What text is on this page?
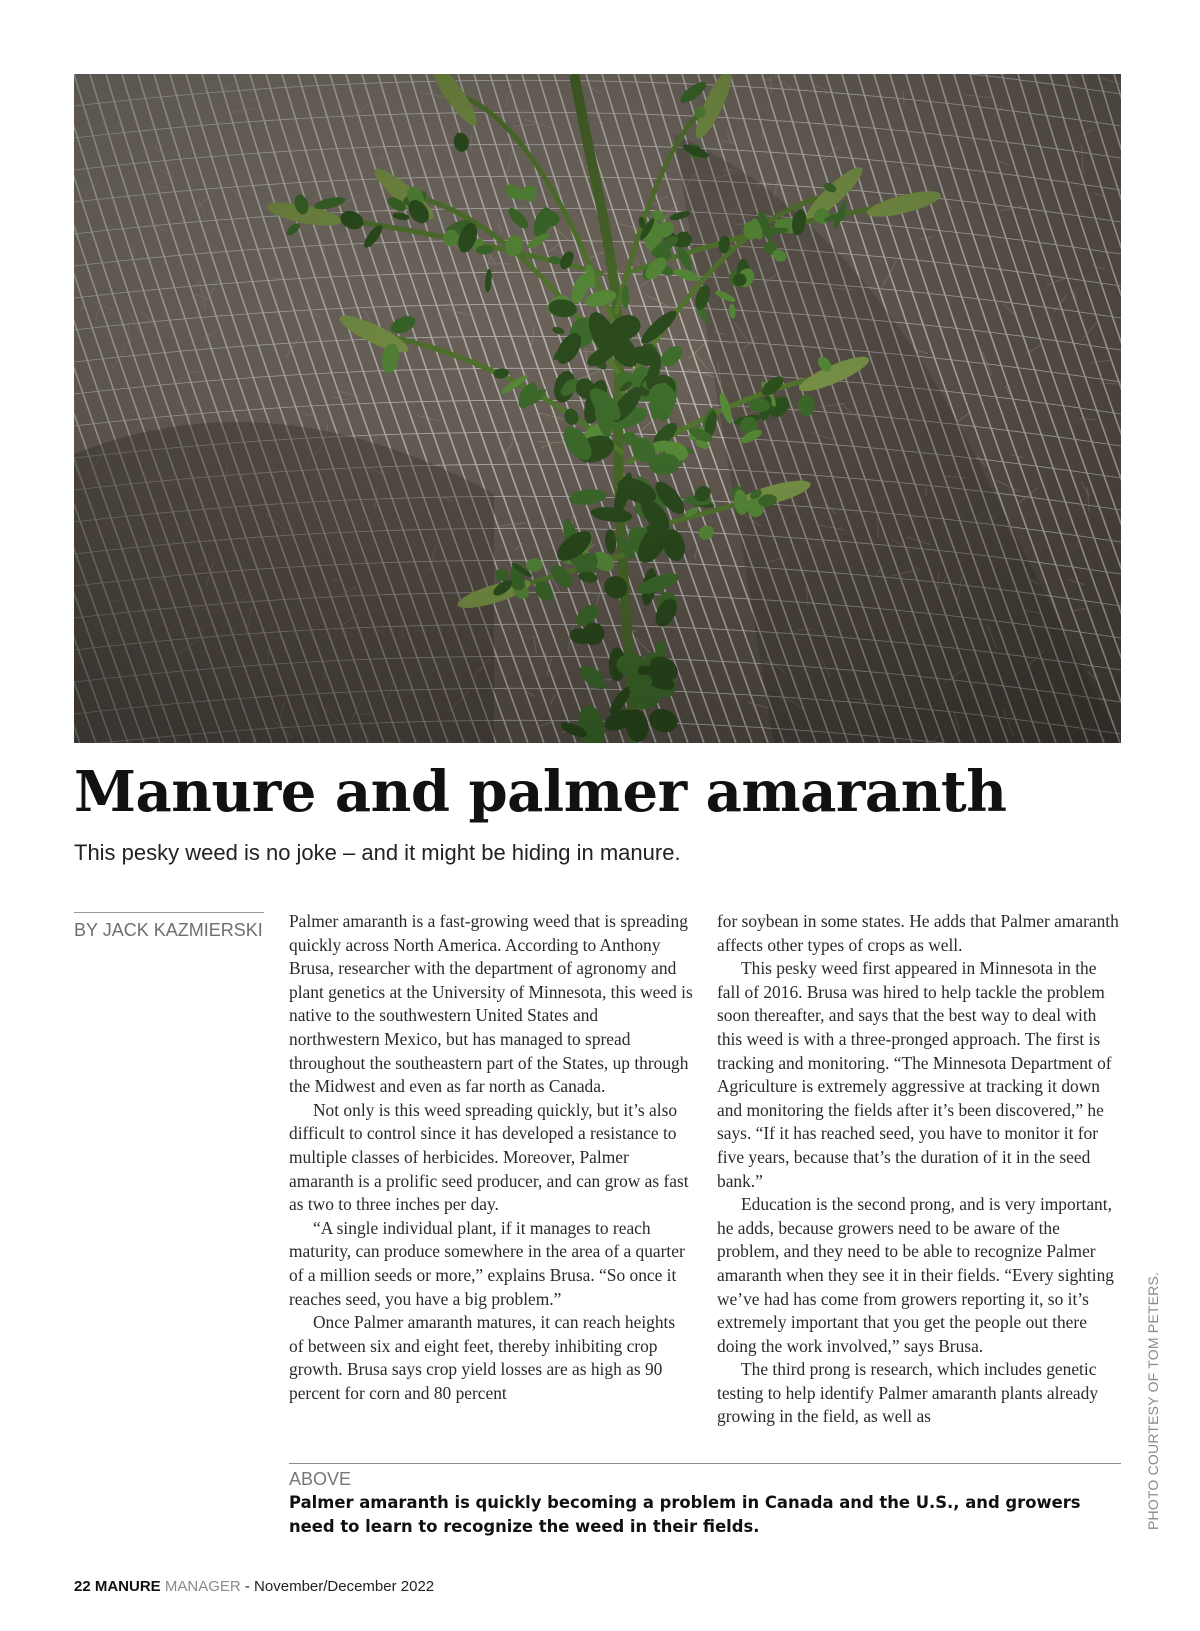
Manure and palmer amaranth

This pesky weed is no joke – and it might be hiding in manure.

BY JACK KAZMIERSKI Palmer amaranth is a fast-growing weed that is spreading quickly across North America. According to Anthony Brusa, researcher with the department of agronomy and plant genetics at the University of Minnesota, this weed is native to the southwestern United States and northwestern Mexico, but has managed to spread throughout the southeastern part of the States, up through the Midwest and even as far north as Canada.

Not only is this weed spreading quickly, but it’s also difficult to control since it has developed a resistance to multiple classes of herbicides. Moreover, Palmer amaranth is a prolific seed producer, and can grow as fast as two to three inches per day.

“A single individual plant, if it manages to reach maturity, can produce somewhere in the area of a quarter of a million seeds or more,” explains Brusa. “So once it reaches seed, you have a big problem.”

Once Palmer amaranth matures, it can reach heights of between six and eight feet, thereby inhibiting crop growth. Brusa says crop yield losses are as high as 90 percent for corn and 80 percent

for soybean in some states. He adds that Palmer amaranth affects other types of crops as well.

This pesky weed first appeared in Minnesota in the fall of 2016. Brusa was hired to help tackle the problem soon thereafter, and says that the best way to deal with this weed is with a three-pronged approach. The first is tracking and monitoring. “The Minnesota Department of Agriculture is extremely aggressive at tracking it down and monitoring the fields after it’s been discovered,” he says. “If it has reached seed, you have to monitor it for five years, because that’s the duration of it in the seed bank.”

Education is the second prong, and is very important, he adds, because growers need to be aware of the problem, and they need to be able to recognize Palmer amaranth when they see it in their fields. “Every sighting we’ve had has come from growers reporting it, so it’s extremely important that you get the people out there doing the work involved,” says Brusa.

The third prong is research, which includes genetic testing to help identify Palmer amaranth plants already growing in the field, as well as

ABOVE

Palmer amaranth is quickly becoming a problem in Canada and the U.S., and growers need to learn to recognize the weed in their fields.	PHOTO COURTESY OF TOM PETERS.
22 MANURE MANAGER - November/December 2022
